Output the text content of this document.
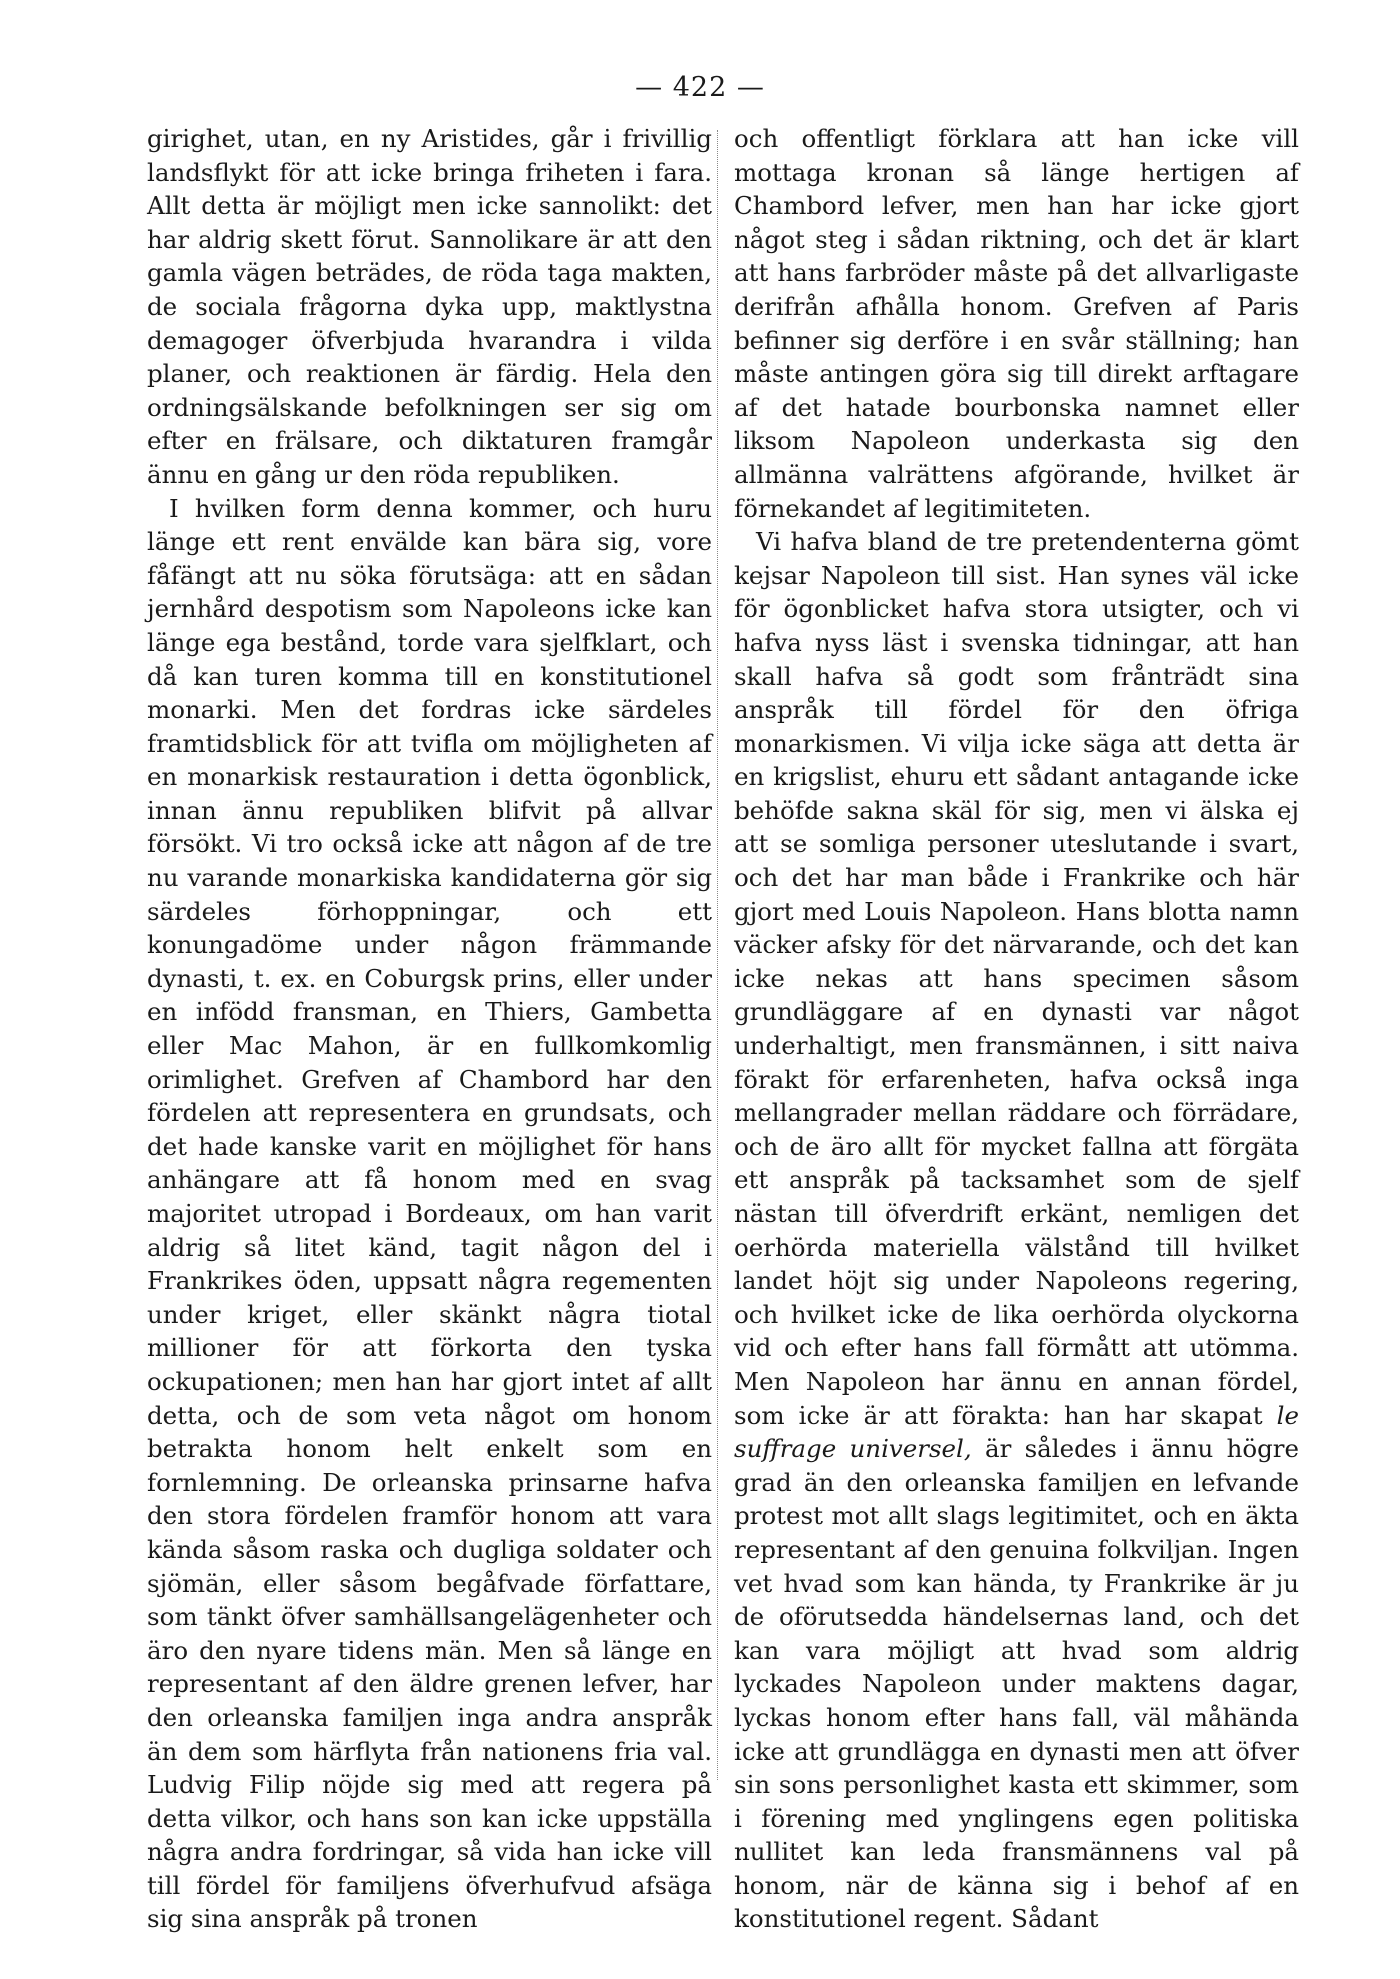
— 422 —

girighet, utan, en ny Aristides, går i frivillig landsflykt för att icke bringa friheten i fara. Allt detta är möjligt men icke sannolikt: det har aldrig skett förut. Sannolikare är att den gamla vägen beträdes, de röda taga makten, de sociala frågorna dyka upp, maktlystna demagoger öfverbjuda hvarandra i vilda planer, och reaktionen är färdig. Hela den ordningsälskande befolkningen ser sig om efter en frälsare, och diktaturen framgår ännu en gång ur den röda republiken.

I hvilken form denna kommer, och huru länge ett rent envälde kan bära sig, vore fåfängt att nu söka förutsäga: att en sådan jernhård despotism som Napoleons icke kan länge ega bestånd, torde vara sjelfklart, och då kan turen komma till en konstitutionel monarki. Men det fordras icke särdeles framtidsblick för att tvifla om möjligheten af en monarkisk restauration i detta ögonblick, innan ännu republiken blifvit på allvar försökt. Vi tro också icke att någon af de tre nu varande monarkiska kandidaterna gör sig särdeles förhoppningar, och ett konungadöme under någon främmande dynasti, t. ex. en Coburgsk prins, eller under en infödd fransman, en Thiers, Gambetta eller Mac Mahon, är en fullkomkomlig orimlighet. Grefven af Chambord har den fördelen att representera en grundsats, och det hade kanske varit en möjlighet för hans anhängare att få honom med en svag majoritet utropad i Bordeaux, om han varit aldrig så litet känd, tagit någon del i Frankrikes öden, uppsatt några regementen under kriget, eller skänkt några tiotal millioner för att förkorta den tyska ockupationen; men han har gjort intet af allt detta, och de som veta något om honom betrakta honom helt enkelt som en fornlemning. De orleanska prinsarne hafva den stora fördelen framför honom att vara kända såsom raska och dugliga soldater och sjömän, eller såsom begåfvade författare, som tänkt öfver samhällsangelägenheter och äro den nyare tidens män. Men så länge en representant af den äldre grenen lefver, har den orleanska familjen inga andra anspråk än dem som härflyta från nationens fria val. Ludvig Filip nöjde sig med att regera på detta vilkor, och hans son kan icke uppställa några andra fordringar, så vida han icke vill till fördel för familjens öfverhufvud afsäga sig sina anspråk på tronen

och offentligt förklara att han icke vill mottaga kronan så länge hertigen af Chambord lefver, men han har icke gjort något steg i sådan riktning, och det är klart att hans farbröder måste på det allvarligaste derifrån afhålla honom. Grefven af Paris befinner sig derföre i en svår ställning; han måste antingen göra sig till direkt arftagare af det hatade bourbonska namnet eller liksom Napoleon underkasta sig den allmänna valrättens afgörande, hvilket är förnekandet af legitimiteten.

Vi hafva bland de tre pretendenterna gömt kejsar Napoleon till sist. Han synes väl icke för ögonblicket hafva stora utsigter, och vi hafva nyss läst i svenska tidningar, att han skall hafva så godt som frånträdt sina anspråk till fördel för den öfriga monarkismen. Vi vilja icke säga att detta är en krigslist, ehuru ett sådant antagande icke behöfde sakna skäl för sig, men vi älska ej att se somliga personer uteslutande i svart, och det har man både i Frankrike och här gjort med Louis Napoleon. Hans blotta namn väcker afsky för det närvarande, och det kan icke nekas att hans specimen såsom grundläggare af en dynasti var något underhaltigt, men fransmännen, i sitt naiva förakt för erfarenheten, hafva också inga mellangrader mellan räddare och förrädare, och de äro allt för mycket fallna att förgäta ett anspråk på tacksamhet som de sjelf nästan till öfverdrift erkänt, nemligen det oerhörda materiella välstånd till hvilket landet höjt sig under Napoleons regering, och hvilket icke de lika oerhörda olyckorna vid och efter hans fall förmått att utömma. Men Napoleon har ännu en annan fördel, som icke är att förakta: han har skapat le suffrage universel, är således i ännu högre grad än den orleanska familjen en lefvande protest mot allt slags legitimitet, och en äkta representant af den genuina folkviljan. Ingen vet hvad som kan hända, ty Frankrike är ju de oförutsedda händelsernas land, och det kan vara möjligt att hvad som aldrig lyckades Napoleon under maktens dagar, lyckas honom efter hans fall, väl måhända icke att grundlägga en dynasti men att öfver sin sons personlighet kasta ett skimmer, som i förening med ynglingens egen politiska nullitet kan leda fransmännens val på honom, när de känna sig i behof af en konstitutionel regent. Sådant
